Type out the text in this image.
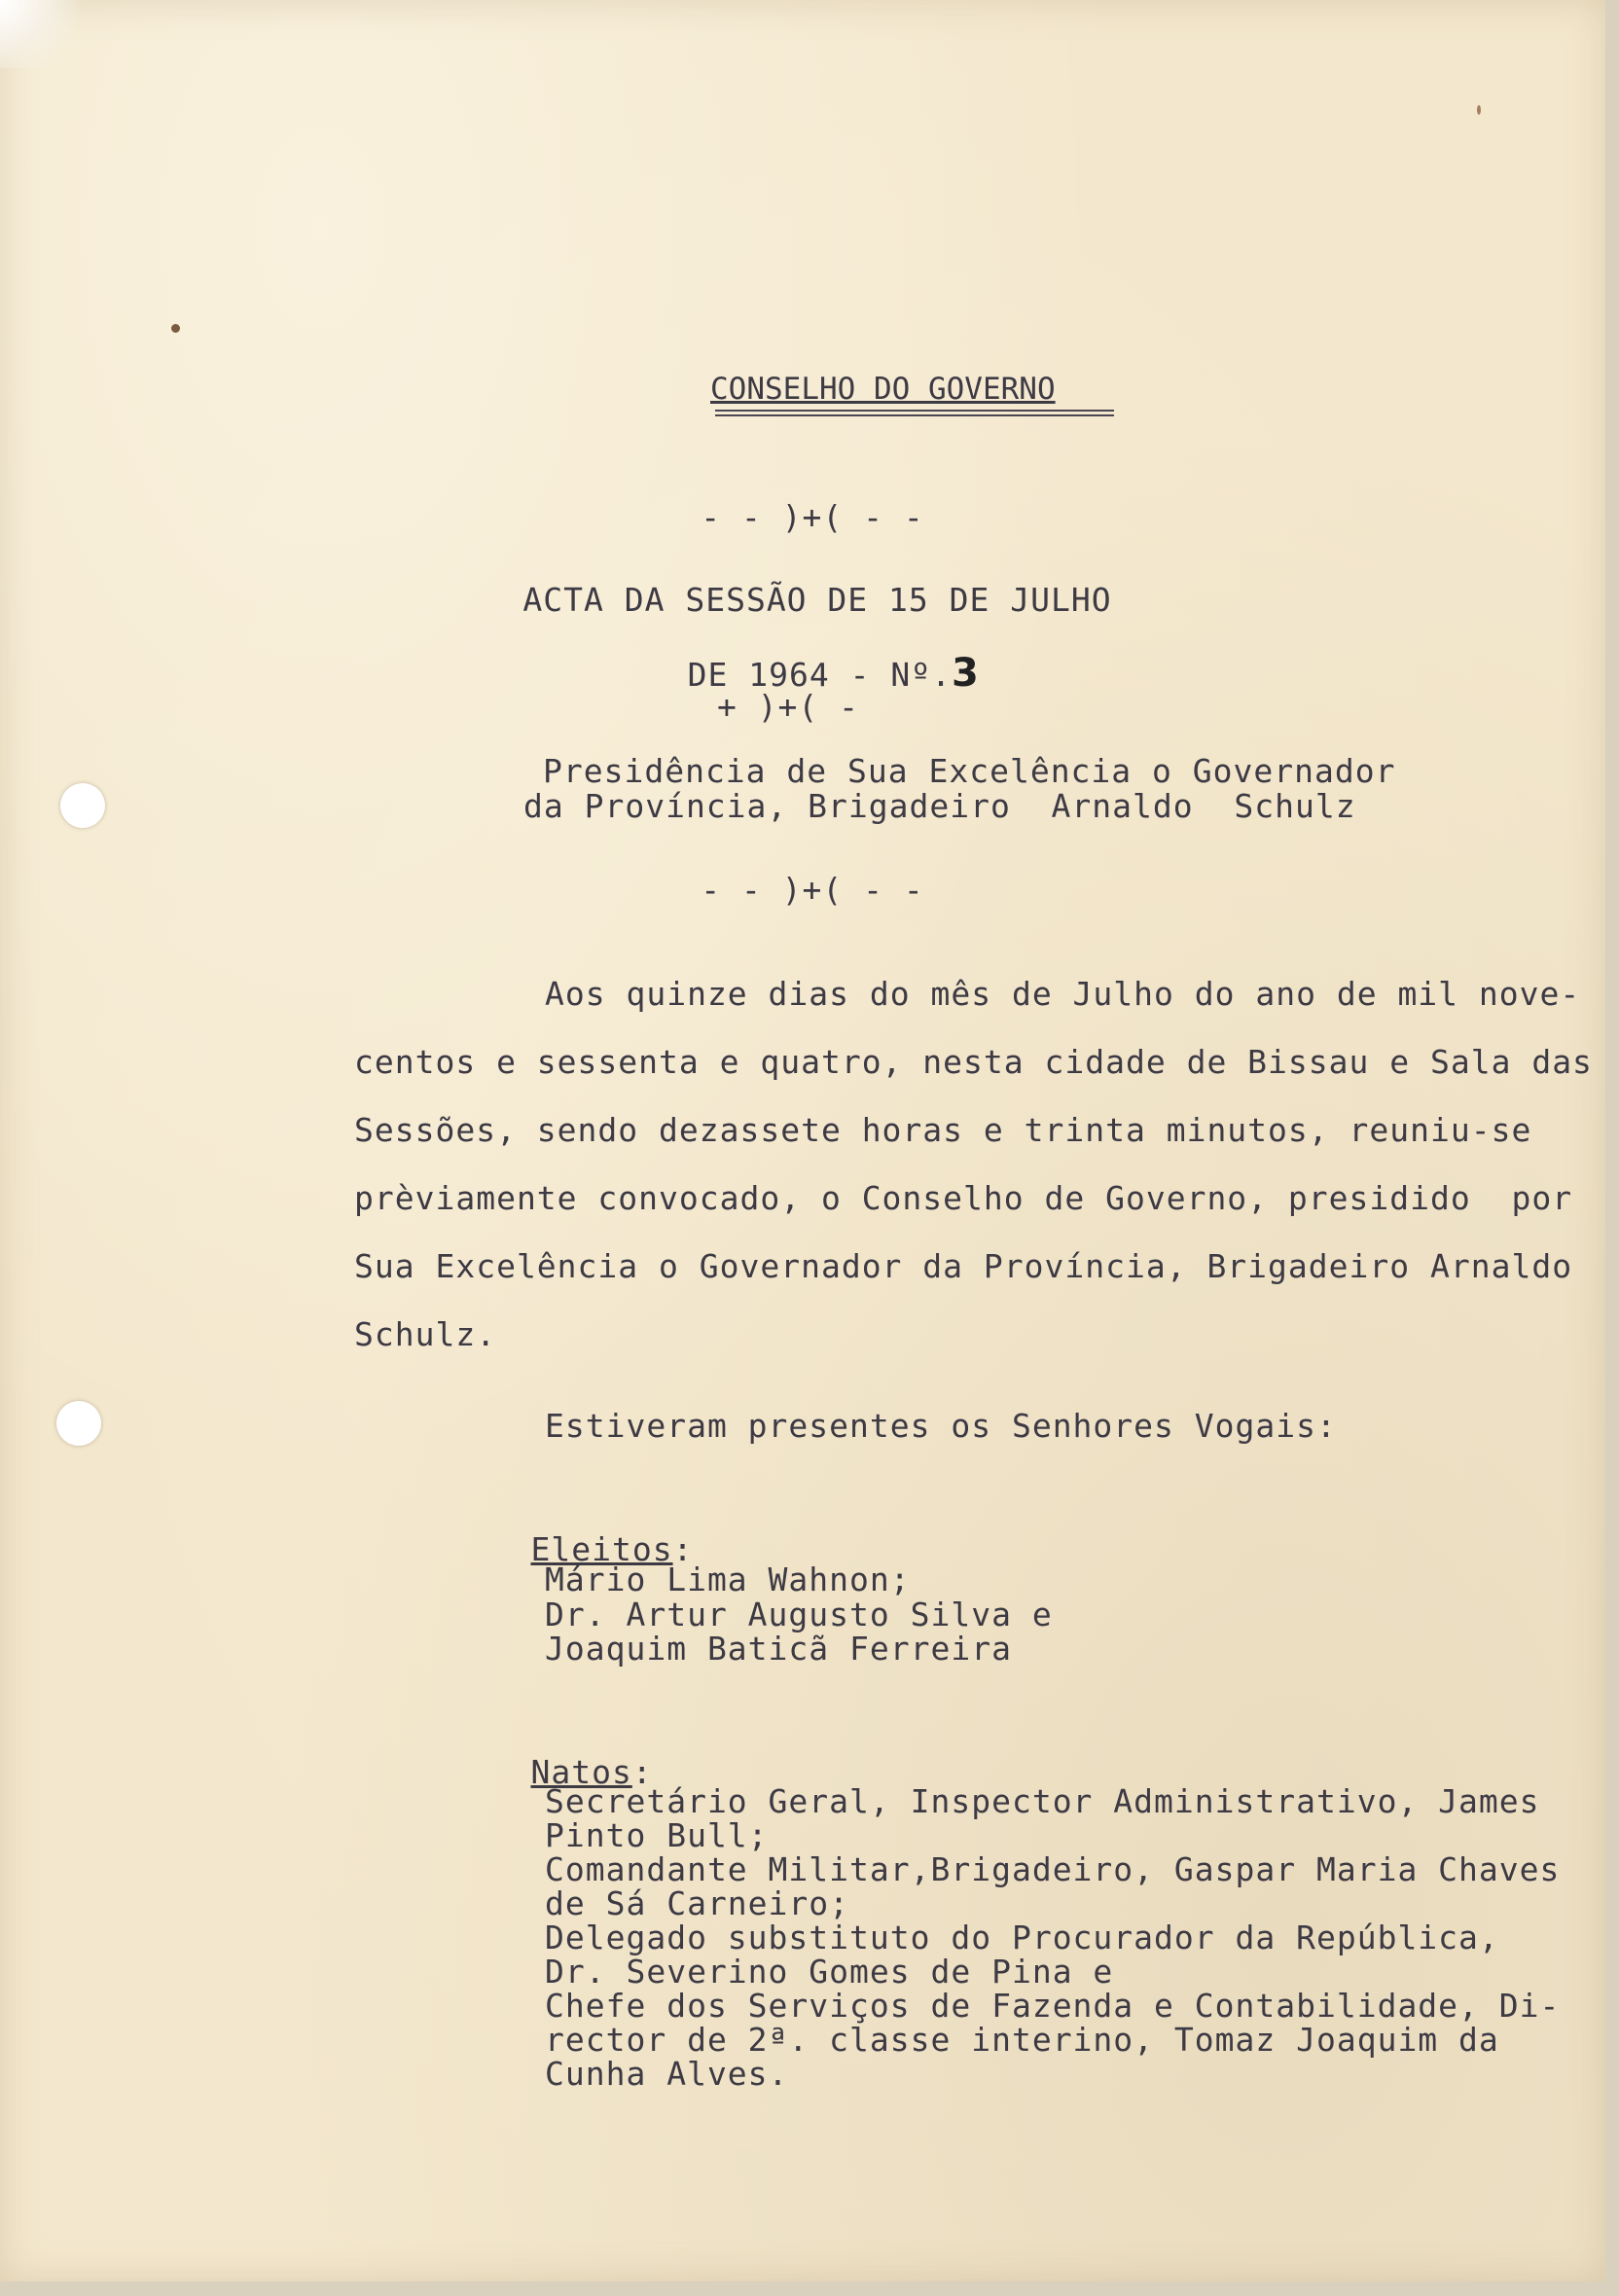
CONSELHO DO GOVERNO
- - )+( - -
ACTA DA SESSÃO DE 15 DE JULHO

DE 1964 - Nº.3

+ )+( -
Presidência de Sua Excelência o Governador
da Província, Brigadeiro  Arnaldo  Schulz
- - )+( - -
Aos quinze dias do mês de Julho do ano de mil nove-
centos e sessenta e quatro, nesta cidade de Bissau e Sala das
Sessões, sendo dezassete horas e trinta minutos, reuniu-se
prèviamente convocado, o Conselho de Governo, presidido  por
Sua Excelência o Governador da Província, Brigadeiro Arnaldo
Schulz.
Estiveram presentes os Senhores Vogais:

Eleitos:

Mário Lima Wahnon;
Dr. Artur Augusto Silva e
Joaquim Baticã Ferreira

Natos:

Secretário Geral, Inspector Administrativo, James
Pinto Bull;
Comandante Militar,Brigadeiro, Gaspar Maria Chaves
de Sá Carneiro;
Delegado substituto do Procurador da República,
Dr. Severino Gomes de Pina e
Chefe dos Serviços de Fazenda e Contabilidade, Di-
rector de 2ª. classe interino, Tomaz Joaquim da
Cunha Alves.
